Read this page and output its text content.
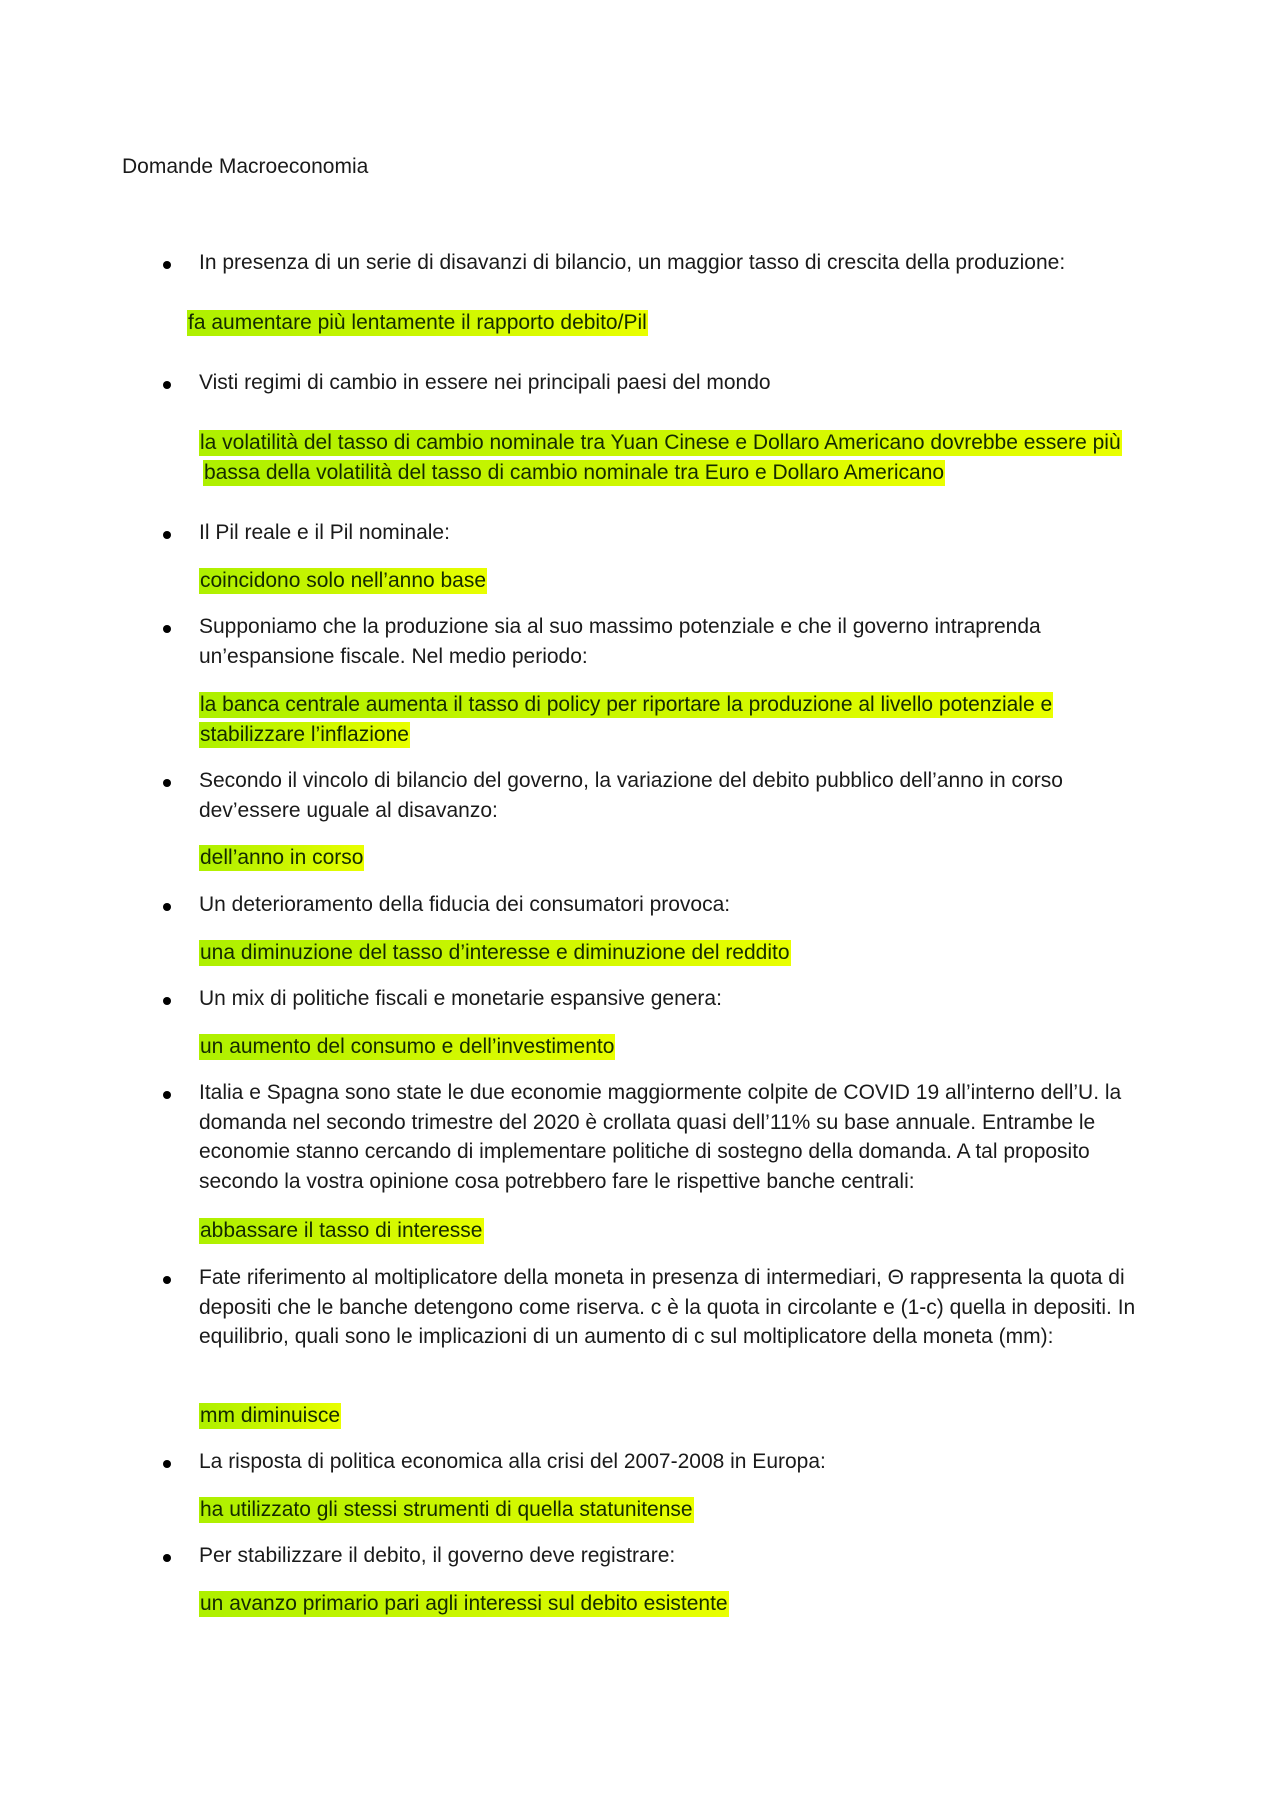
Domande Macroeconomia
In presenza di un serie di disavanzi di bilancio, un maggior tasso di crescita della produzione:
fa aumentare più lentamente il rapporto debito/Pil
Visti regimi di cambio in essere nei principali paesi del mondo
la volatilità del tasso di cambio nominale tra Yuan Cinese e Dollaro Americano dovrebbe essere più bassa della volatilità del tasso di cambio nominale tra Euro e Dollaro Americano
Il Pil reale e il Pil nominale:
coincidono solo nell’anno base
Supponiamo che la produzione sia al suo massimo potenziale e che il governo intraprenda un’espansione fiscale. Nel medio periodo:
la banca centrale aumenta il tasso di policy per riportare la produzione al livello potenziale e stabilizzare l’inflazione
Secondo il vincolo di bilancio del governo, la variazione del debito pubblico dell’anno in corso dev’essere uguale al disavanzo:
dell’anno in corso
Un deterioramento della fiducia dei consumatori provoca:
una diminuzione del tasso d’interesse e diminuzione del reddito
Un mix di politiche fiscali e monetarie espansive genera:
un aumento del consumo e dell’investimento
Italia e Spagna sono state le due economie maggiormente colpite de COVID 19 all’interno dell’U. la domanda nel secondo trimestre del 2020 è crollata quasi dell’11% su base annuale. Entrambe le economie stanno cercando di implementare politiche di sostegno della domanda. A tal proposito secondo la vostra opinione cosa potrebbero fare le rispettive banche centrali:
abbassare il tasso di interesse
Fate riferimento al moltiplicatore della moneta in presenza di intermediari, Θ rappresenta la quota di depositi che le banche detengono come riserva. c è la quota in circolante e (1-c) quella in depositi. In equilibrio, quali sono le implicazioni di un aumento di c sul moltiplicatore della moneta (mm):
mm diminuisce
La risposta di politica economica alla crisi del 2007-2008 in Europa:
ha utilizzato gli stessi strumenti di quella statunitense
Per stabilizzare il debito, il governo deve registrare:
un avanzo primario pari agli interessi sul debito esistente
